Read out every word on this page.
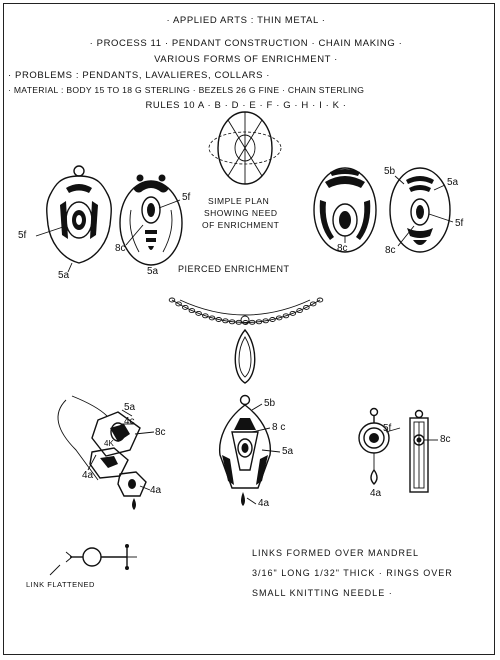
· APPLIED ARTS : THIN METAL ·
· PROCESS 11 · PENDANT CONSTRUCTION · CHAIN MAKING ·
VARIOUS FORMS OF ENRICHMENT ·
· PROBLEMS : PENDANTS, LAVALIERES, COLLARS ·
· MATERIAL : BODY 15 TO 18 G STERLING · BEZELS 26 G FINE · CHAIN STERLING
RULES 10 A · B · D · E · F · G · H · I · K ·
SIMPLE PLAN
SHOWING NEED
OF ENRICHMENT
PIERCED ENRICHMENT
LINKS FORMED OVER MANDREL
3/16" LONG 1/32" THICK · RINGS OVER
SMALL KNITTING NEEDLE ·
LINK FLATTENED
5f
5a
5f
8c
5a
8c
5b
5a
5f
8c
5a
4c
8c
4K
4a
4a
5b
8 c
5a
4a
5f
4a
8c
